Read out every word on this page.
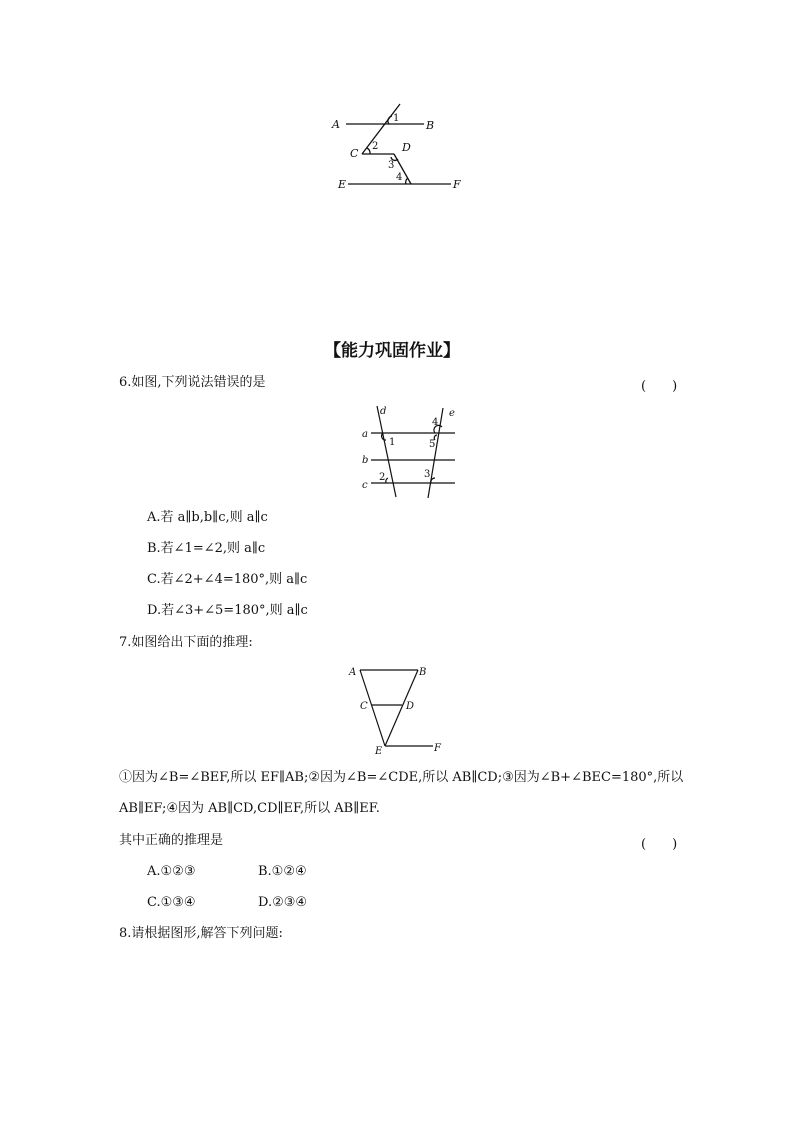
A	B
C	D
E	F
1
2
3
4
【能力巩固作业】
6.如图,下列说法错误的是	(　　)
a
b
c
d	e
1
2	3
4
5
A.若 a∥b,b∥c,则 a∥c
B.若∠1=∠2,则 a∥c
C.若∠2+∠4=180°,则 a∥c
D.若∠3+∠5=180°,则 a∥c
7.如图给出下面的推理:
A	B
C	D
E	F
①因为∠B=∠BEF,所以 EF∥AB;②因为∠B=∠CDE,所以 AB∥CD;③因为∠B+∠BEC=180°,所以
AB∥EF;④因为 AB∥CD,CD∥EF,所以 AB∥EF.
其中正确的推理是	(　　)
A.①②③	B.①②④
C.①③④	D.②③④
8.请根据图形,解答下列问题:
